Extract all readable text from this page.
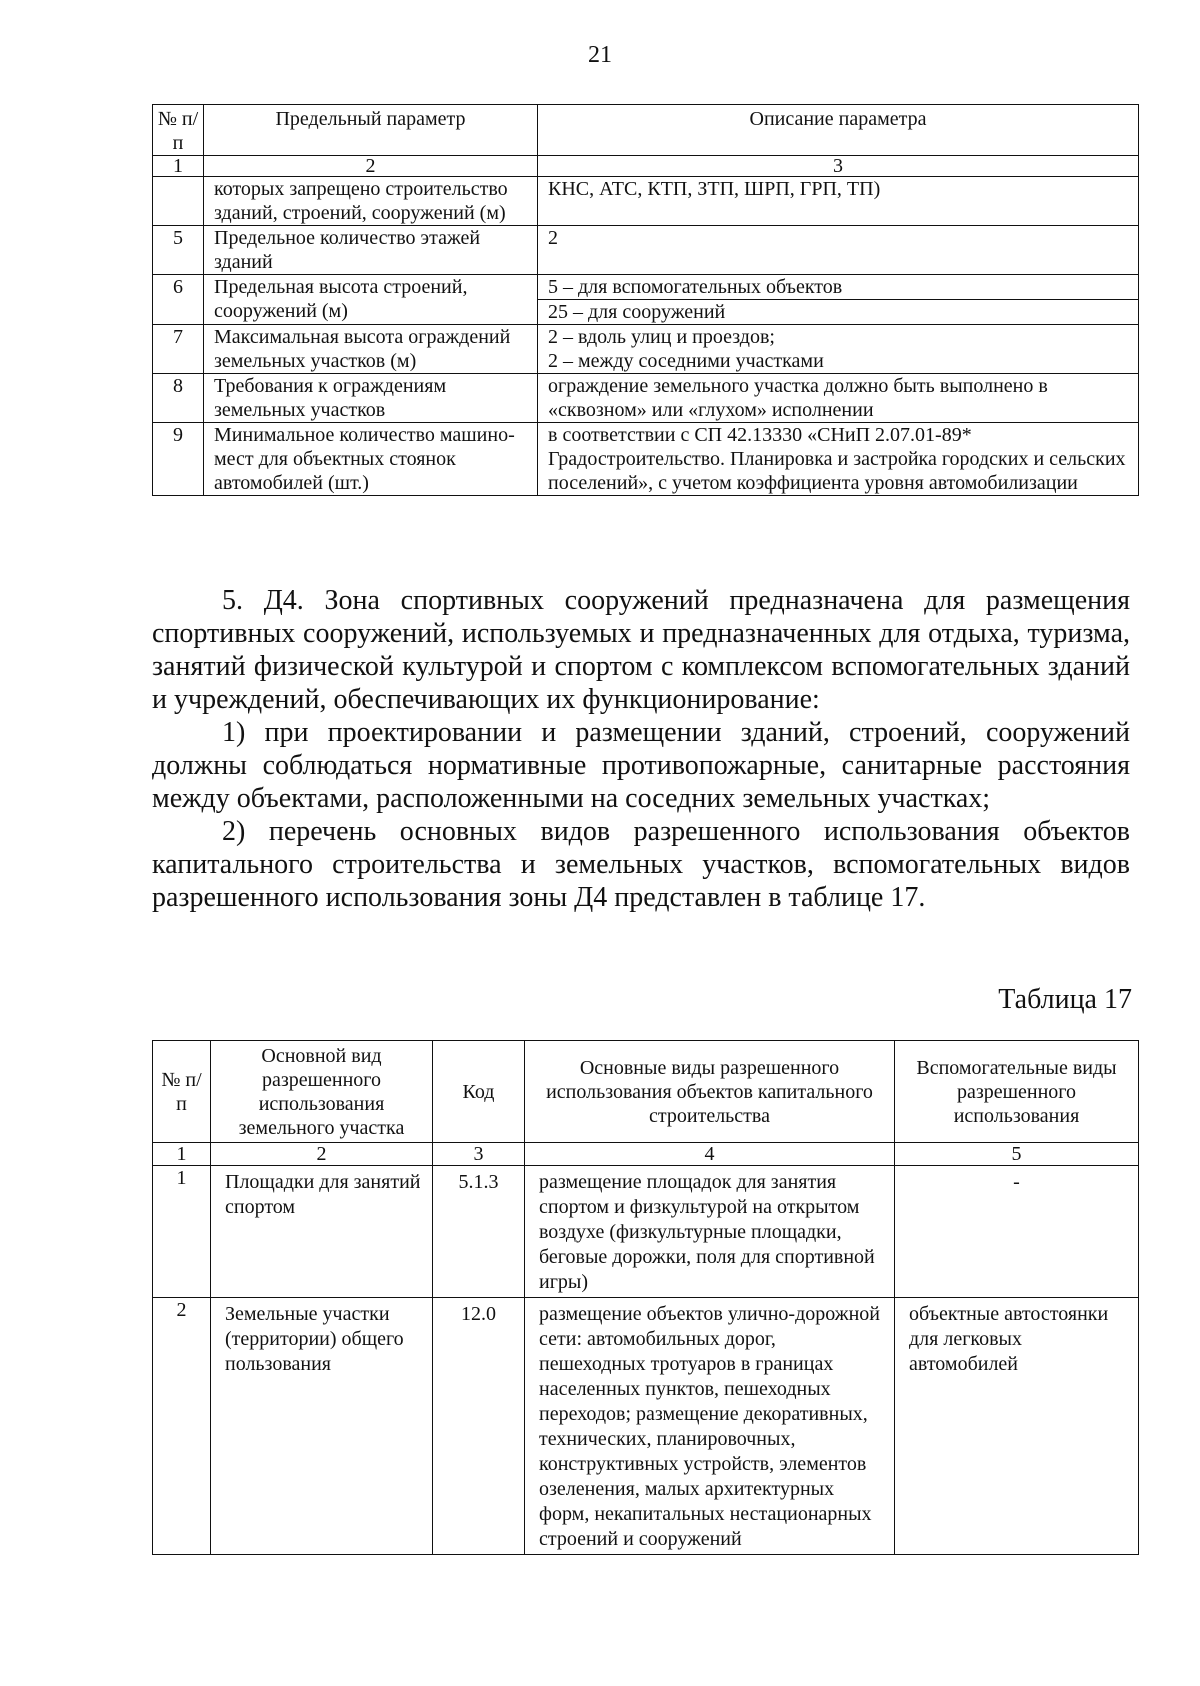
21
№ п/п	Предельный параметр	Описание параметра
1	2	3
	которых запрещено строительство зданий, строений, сооружений (м)	КНС, АТС, КТП, ЗТП, ШРП, ГРП, ТП)
5	Предельное количество этажей зданий	2
6	Предельная высота строений, сооружений (м)	5 – для вспомогательных объектов
25 – для сооружений

7	Максимальная высота ограждений земельных участков (м)	2 – вдоль улиц и проездов;
2 – между соседними участками

8	Требования к ограждениям земельных участков	ограждение земельного участка должно быть выполнено в «сквозном» или «глухом» исполнении
9	Минимальное количество машино-мест для объектных стоянок автомобилей (шт.)	в соответствии с СП 42.13330 «СНиП 2.07.01-89* Градостроительство. Планировка и застройка городских и сельских поселений», с учетом коэффициента уровня автомобилизации

5. Д4. Зона спортивных сооружений предназначена для размещения спортивных сооружений, используемых и предназначенных для отдыха, туризма, занятий физической культурой и спортом с комплексом вспомогательных зданий и учреждений, обеспечивающих их функционирование:

1) при проектировании и размещении зданий, строений, сооружений должны соблюдаться нормативные противопожарные, санитарные расстояния между объектами, расположенными на соседних земельных участках;

2) перечень основных видов разрешенного использования объектов капитального строительства и земельных участков, вспомогательных видов разрешенного использования зоны Д4 представлен в таблице 17.

Таблица 17
№ п/п	Основной вид разрешенного использования земельного участка	Код	Основные виды разрешенного использования объектов капитального строительства	Вспомогательные виды разрешенного использования
1	2	3	4	5
1	Площадки для занятий спортом	5.1.3	размещение площадок для занятия спортом и физкультурой на открытом воздухе (физкультурные площадки, беговые дорожки, поля для спортивной игры)	-
2	Земельные участки (территории) общего пользования	12.0	размещение объектов улично-дорожной сети: автомобильных дорог, пешеходных тротуаров в границах населенных пунктов, пешеходных переходов; размещение декоративных, технических, планировочных, конструктивных устройств, элементов озеленения, малых архитектурных форм, некапитальных нестационарных строений и сооружений	объектные автостоянки для легковых автомобилей
